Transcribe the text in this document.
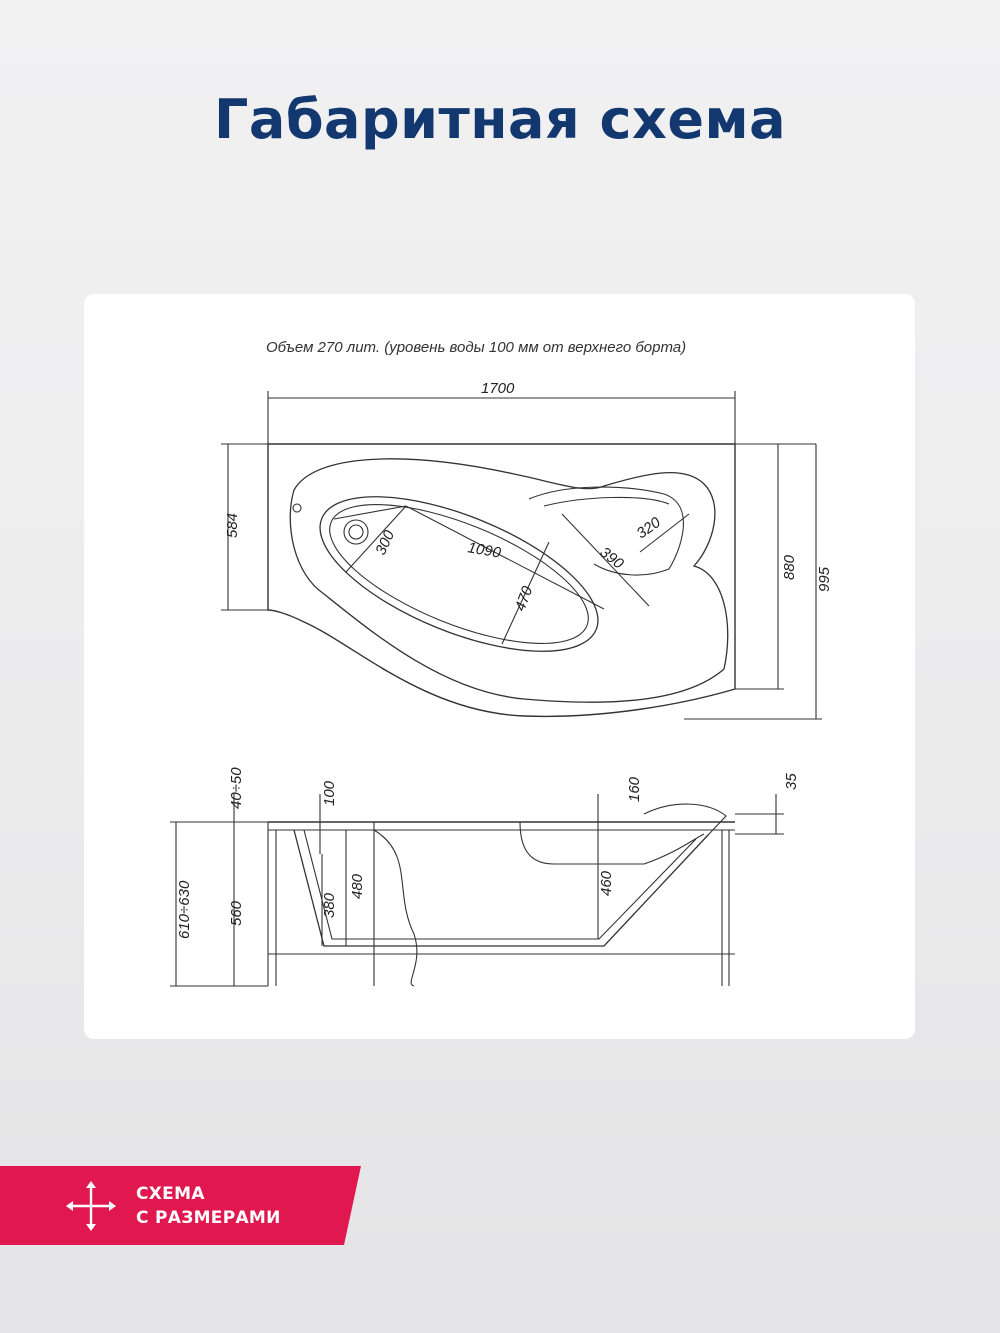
Габаритная схема
Объем 270 лит. (уровень воды 100 мм от верхнего борта)
1700
584
880 995
300	1090
470
390
320
40÷50	100	160	35
610÷630 560	380
480	460
СХЕМА
С РАЗМЕРАМИ
